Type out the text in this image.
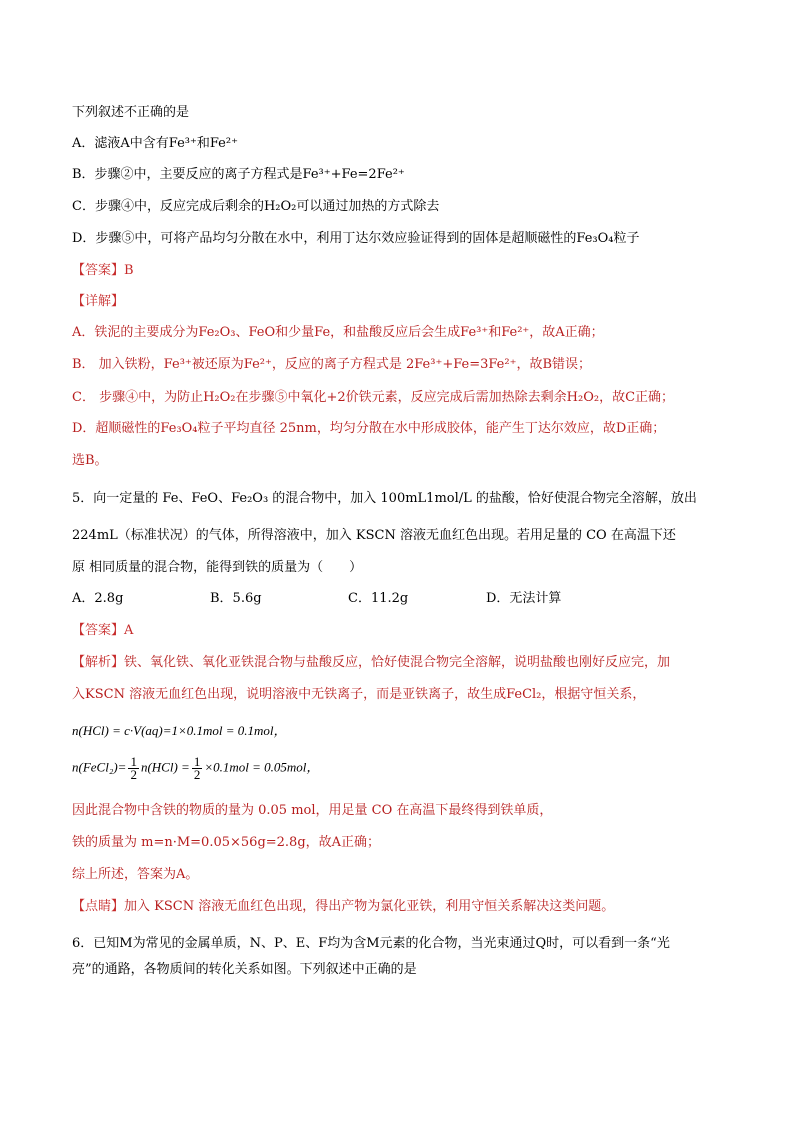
下列叙述不正确的是
A．滤液A中含有Fe³⁺和Fe²⁺
B．步骤②中，主要反应的离子方程式是Fe³⁺+Fe=2Fe²⁺
C．步骤④中，反应完成后剩余的H₂O₂可以通过加热的方式除去
D．步骤⑤中，可将产品均匀分散在水中，利用丁达尔效应验证得到的固体是超顺磁性的Fe₃O₄粒子
【答案】B
【详解】
A．铁泥的主要成分为Fe₂O₃、FeO和少量Fe，和盐酸反应后会生成Fe³⁺和Fe²⁺，故A正确；
B． 加入铁粉，Fe³⁺被还原为Fe²⁺，反应的离子方程式是 2Fe³⁺+Fe=3Fe²⁺，故B错误；
C． 步骤④中，为防止H₂O₂在步骤⑤中氧化+2价铁元素，反应完成后需加热除去剩余H₂O₂，故C正确；
D．超顺磁性的Fe₃O₄粒子平均直径 25nm，均匀分散在水中形成胶体，能产生丁达尔效应，故D正确；
选B。
5．向一定量的 Fe、FeO、Fe₂O₃ 的混合物中，加入 100mL1mol/L 的盐酸，恰好使混合物完全溶解，放出
224mL（标准状况）的气体，所得溶液中，加入 KSCN 溶液无血红色出现。若用足量的 CO 在高温下还
原 相同质量的混合物，能得到铁的质量为（　　）
A．2.8g	B．5.6g	C．11.2g	D．无法计算
【答案】A
【解析】铁、氧化铁、氧化亚铁混合物与盐酸反应，恰好使混合物完全溶解，说明盐酸也刚好反应完，加
入KSCN 溶液无血红色出现，说明溶液中无铁离子，而是亚铁离子，故生成FeCl₂，根据守恒关系，
n(HCl) = c·V(aq)=1×0.1mol = 0.1mol，
n(FeCl₂)= $\frac{1}{2} n(HCl) = \frac{1}{2} \times 0.1mol = 0.05mol$，
因此混合物中含铁的物质的量为 0.05 mol，用足量 CO 在高温下最终得到铁单质，
铁的质量为 m=n·M=0.05×56g=2.8g，故A正确；
综上所述，答案为A。
【点睛】加入 KSCN 溶液无血红色出现，得出产物为氯化亚铁，利用守恒关系解决这类问题。
6．已知M为常见的金属单质，N、P、E、F均为含M元素的化合物，当光束通过Q时，可以看到一条“光
亮”的通路，各物质间的转化关系如图。下列叙述中正确的是
